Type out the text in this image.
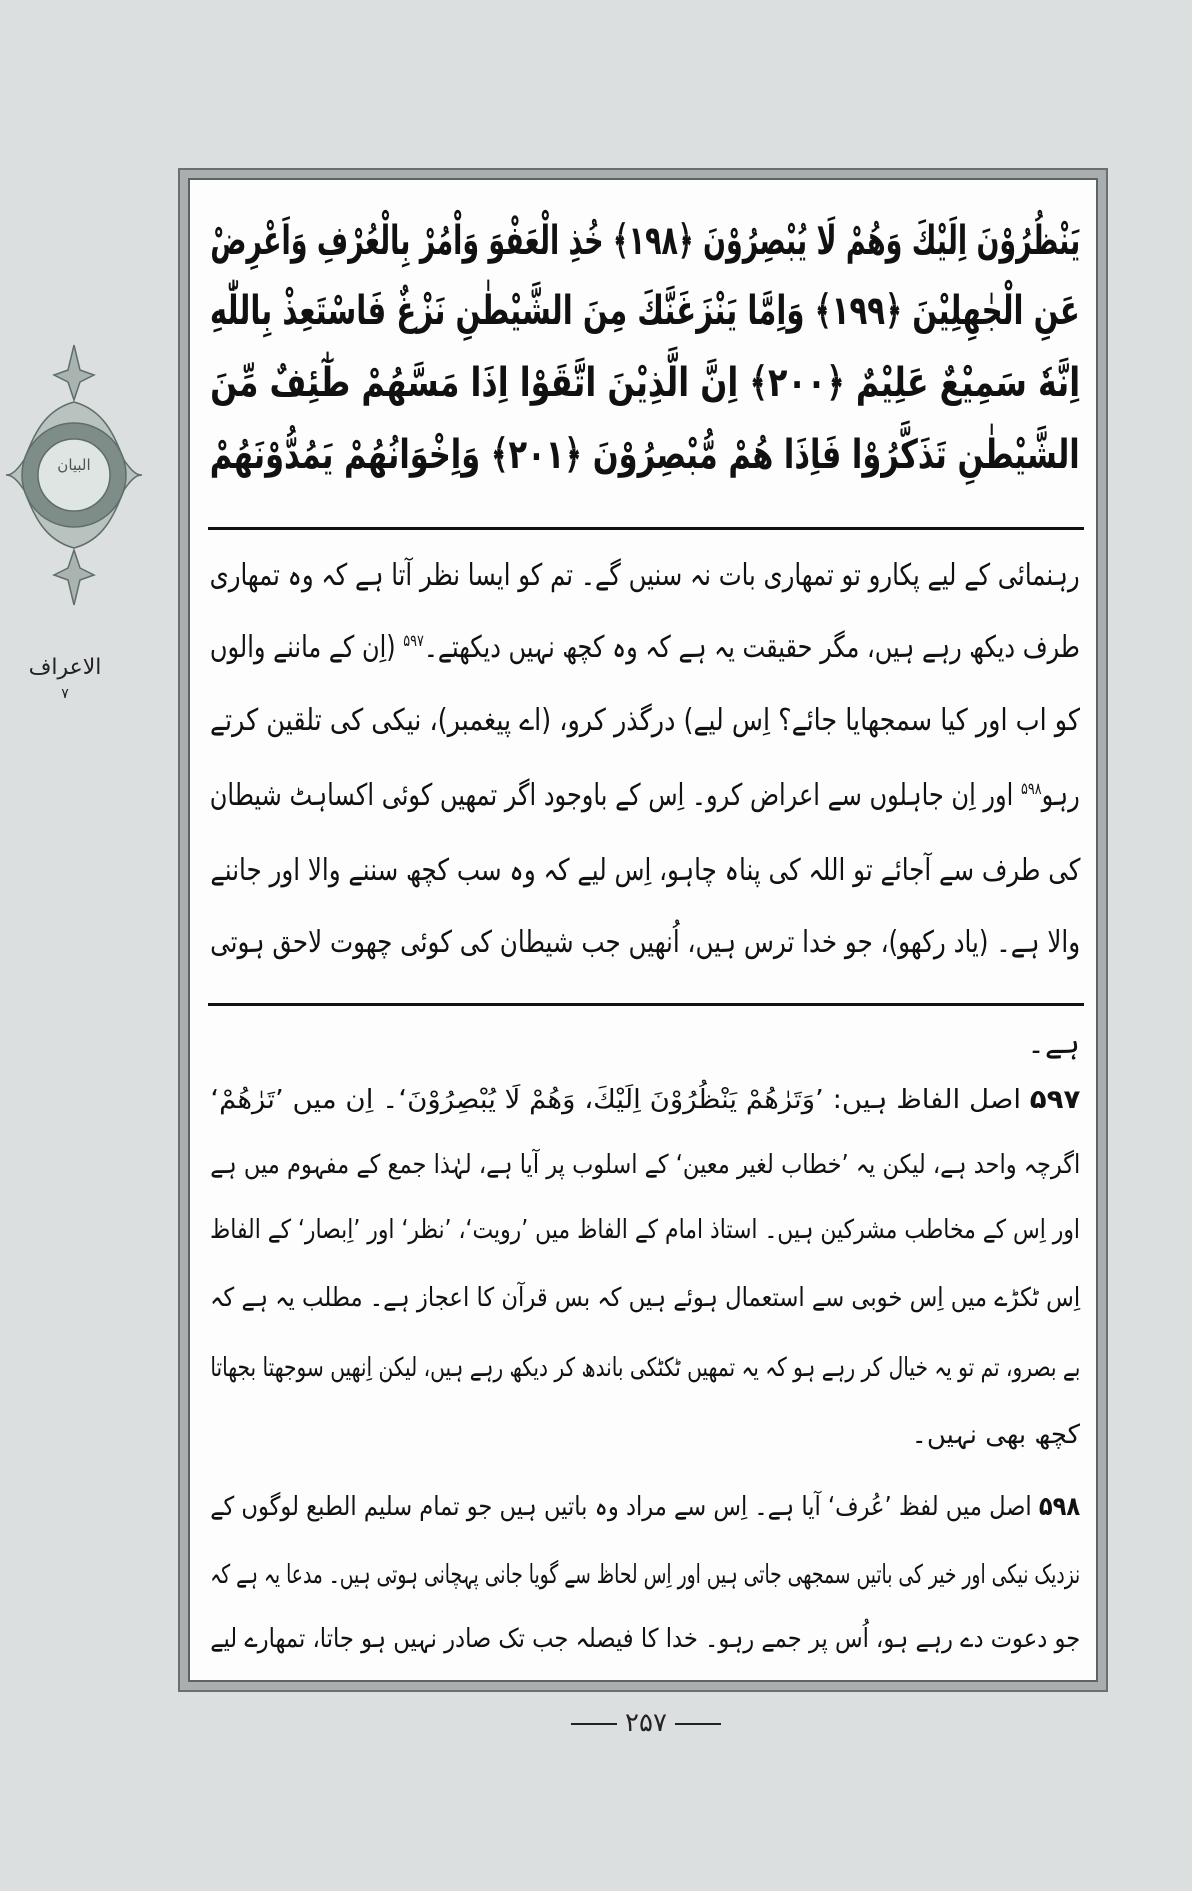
البیان
الاعراف
۷
يَنْظُرُوْنَ اِلَيْكَ وَهُمْ لَا يُبْصِرُوْنَ ﴿١٩٨﴾ خُذِ الْعَفْوَ وَاْمُرْ بِالْعُرْفِ وَاَعْرِضْ
عَنِ الْجٰهِلِيْنَ ﴿١٩٩﴾ وَاِمَّا يَنْزَغَنَّكَ مِنَ الشَّيْطٰنِ نَزْغٌ فَاسْتَعِذْ بِاللّٰهِ
اِنَّهٗ سَمِيْعٌ عَلِيْمٌ ﴿٢٠٠﴾ اِنَّ الَّذِيْنَ اتَّقَوْا اِذَا مَسَّهُمْ طٰٓئِفٌ مِّنَ
الشَّيْطٰنِ تَذَكَّرُوْا فَاِذَا هُمْ مُّبْصِرُوْنَ ﴿٢٠١﴾ وَاِخْوَانُهُمْ يَمُدُّوْنَهُمْ
رہنمائی کے لیے پکارو تو تمھاری بات نہ سنیں گے۔ تم کو ایسا نظر آتا ہے کہ وہ تمھاری
طرف دیکھ رہے ہیں، مگر حقیقت یہ ہے کہ وہ کچھ نہیں دیکھتے۔$^{۵۹۷}$ (اِن کے ماننے والوں
کو اب اور کیا سمجھایا جائے؟ اِس لیے) درگذر کرو، (اے پیغمبر)، نیکی کی تلقین کرتے
رہو$^{۵۹۸}$ اور اِن جاہلوں سے اعراض کرو۔ اِس کے باوجود اگر تمھیں کوئی اکساہٹ شیطان
کی طرف سے آجائے تو اللہ کی پناہ چاہو، اِس لیے کہ وہ سب کچھ سننے والا اور جاننے
والا ہے۔ (یاد رکھو)، جو خدا ترس ہیں، اُنھیں جب شیطان کی کوئی چھوت لاحق ہوتی
ہے۔
۵۹۷ اصل الفاظ ہیں: ’وَتَرٰهُمْ يَنْظُرُوْنَ اِلَيْكَ، وَهُمْ لَا يُبْصِرُوْنَ‘۔ اِن میں ’تَرٰهُمْ‘
اگرچہ واحد ہے، لیکن یہ ’خطاب لغیر معین‘ کے اسلوب پر آیا ہے، لہٰذا جمع کے مفہوم میں ہے
اور اِس کے مخاطب مشرکین ہیں۔ استاذ امام کے الفاظ میں ’رویت‘، ’نظر‘ اور ’اِبصار‘ کے الفاظ
اِس ٹکڑے میں اِس خوبی سے استعمال ہوئے ہیں کہ بس قرآن کا اعجاز ہے۔ مطلب یہ ہے کہ
بے بصرو، تم تو یہ خیال کر رہے ہو کہ یہ تمھیں ٹکٹکی باندھ کر دیکھ رہے ہیں، لیکن اِنھیں سوجھتا بجھاتا
کچھ بھی نہیں۔
۵۹۸ اصل میں لفظ ’عُرف‘ آیا ہے۔ اِس سے مراد وہ باتیں ہیں جو تمام سلیم الطبع لوگوں کے
نزدیک نیکی اور خیر کی باتیں سمجھی جاتی ہیں اور اِس لحاظ سے گویا جانی پہچانی ہوتی ہیں۔ مدعا یہ ہے کہ
جو دعوت دے رہے ہو، اُس پر جمے رہو۔ خدا کا فیصلہ جب تک صادر نہیں ہو جاتا، تمھارے لیے
۲۵۷
